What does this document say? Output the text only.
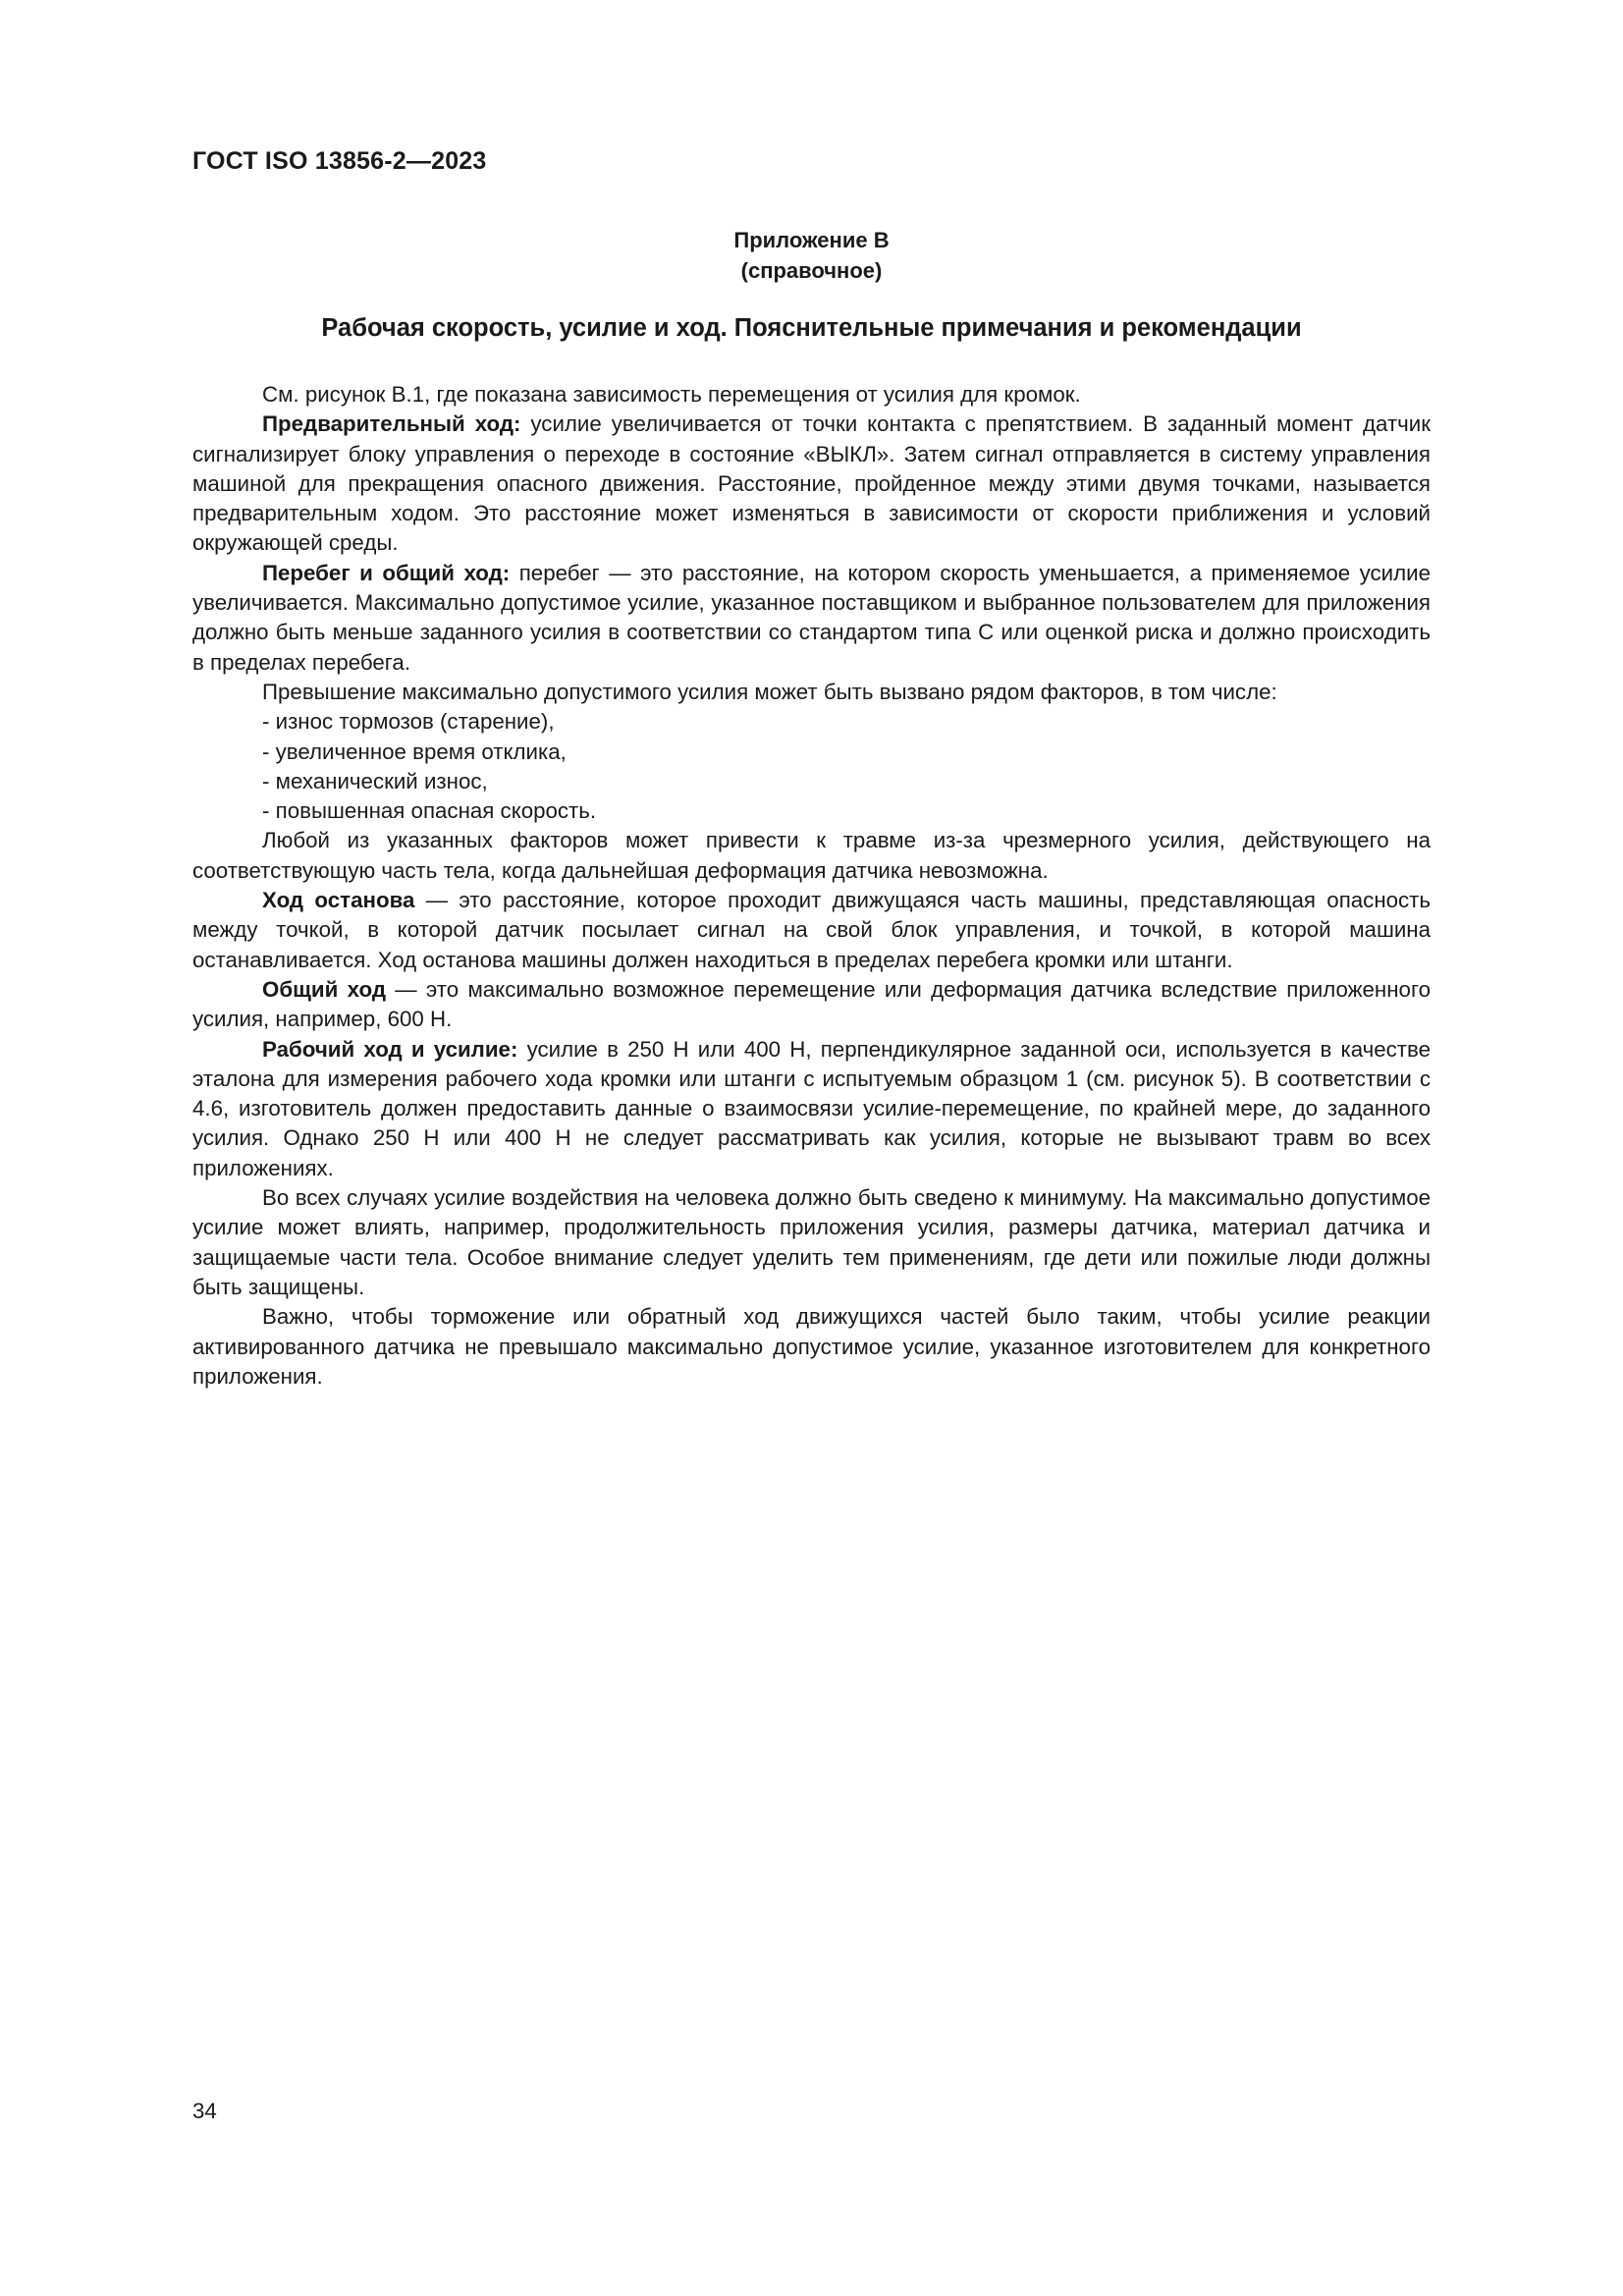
ГОСТ ISO 13856-2—2023
Приложение В
(справочное)
Рабочая скорость, усилие и ход. Пояснительные примечания и рекомендации

См. рисунок В.1, где показана зависимость перемещения от усилия для кромок.

Предварительный ход: усилие увеличивается от точки контакта с препятствием. В заданный момент датчик сигнализирует блоку управления о переходе в состояние «ВЫКЛ». Затем сигнал отправляется в систему управления машиной для прекращения опасного движения. Расстояние, пройденное между этими двумя точками, называется предварительным ходом. Это расстояние может изменяться в зависимости от скорости приближения и условий окружающей среды.

Перебег и общий ход: перебег — это расстояние, на котором скорость уменьшается, а применяемое усилие увеличивается. Максимально допустимое усилие, указанное поставщиком и выбранное пользователем для приложения должно быть меньше заданного усилия в соответствии со стандартом типа С или оценкой риска и должно происходить в пределах перебега.

Превышение максимально допустимого усилия может быть вызвано рядом факторов, в том числе:

- износ тормозов (старение),
- увеличенное время отклика,
- механический износ,
- повышенная опасная скорость.

Любой из указанных факторов может привести к травме из-за чрезмерного усилия, действующего на соответствующую часть тела, когда дальнейшая деформация датчика невозможна.

Ход останова — это расстояние, которое проходит движущаяся часть машины, представляющая опасность между точкой, в которой датчик посылает сигнал на свой блок управления, и точкой, в которой машина останавливается. Ход останова машины должен находиться в пределах перебега кромки или штанги.

Общий ход — это максимально возможное перемещение или деформация датчика вследствие приложенного усилия, например, 600 Н.

Рабочий ход и усилие: усилие в 250 Н или 400 Н, перпендикулярное заданной оси, используется в качестве эталона для измерения рабочего хода кромки или штанги с испытуемым образцом 1 (см. рисунок 5). В соответствии с 4.6, изготовитель должен предоставить данные о взаимосвязи усилие-перемещение, по крайней мере, до заданного усилия. Однако 250 Н или 400 Н не следует рассматривать как усилия, которые не вызывают травм во всех приложениях.

Во всех случаях усилие воздействия на человека должно быть сведено к минимуму. На максимально допустимое усилие может влиять, например, продолжительность приложения усилия, размеры датчика, материал датчика и защищаемые части тела. Особое внимание следует уделить тем применениям, где дети или пожилые люди должны быть защищены.

Важно, чтобы торможение или обратный ход движущихся частей было таким, чтобы усилие реакции активированного датчика не превышало максимально допустимое усилие, указанное изготовителем для конкретного приложения.

34
